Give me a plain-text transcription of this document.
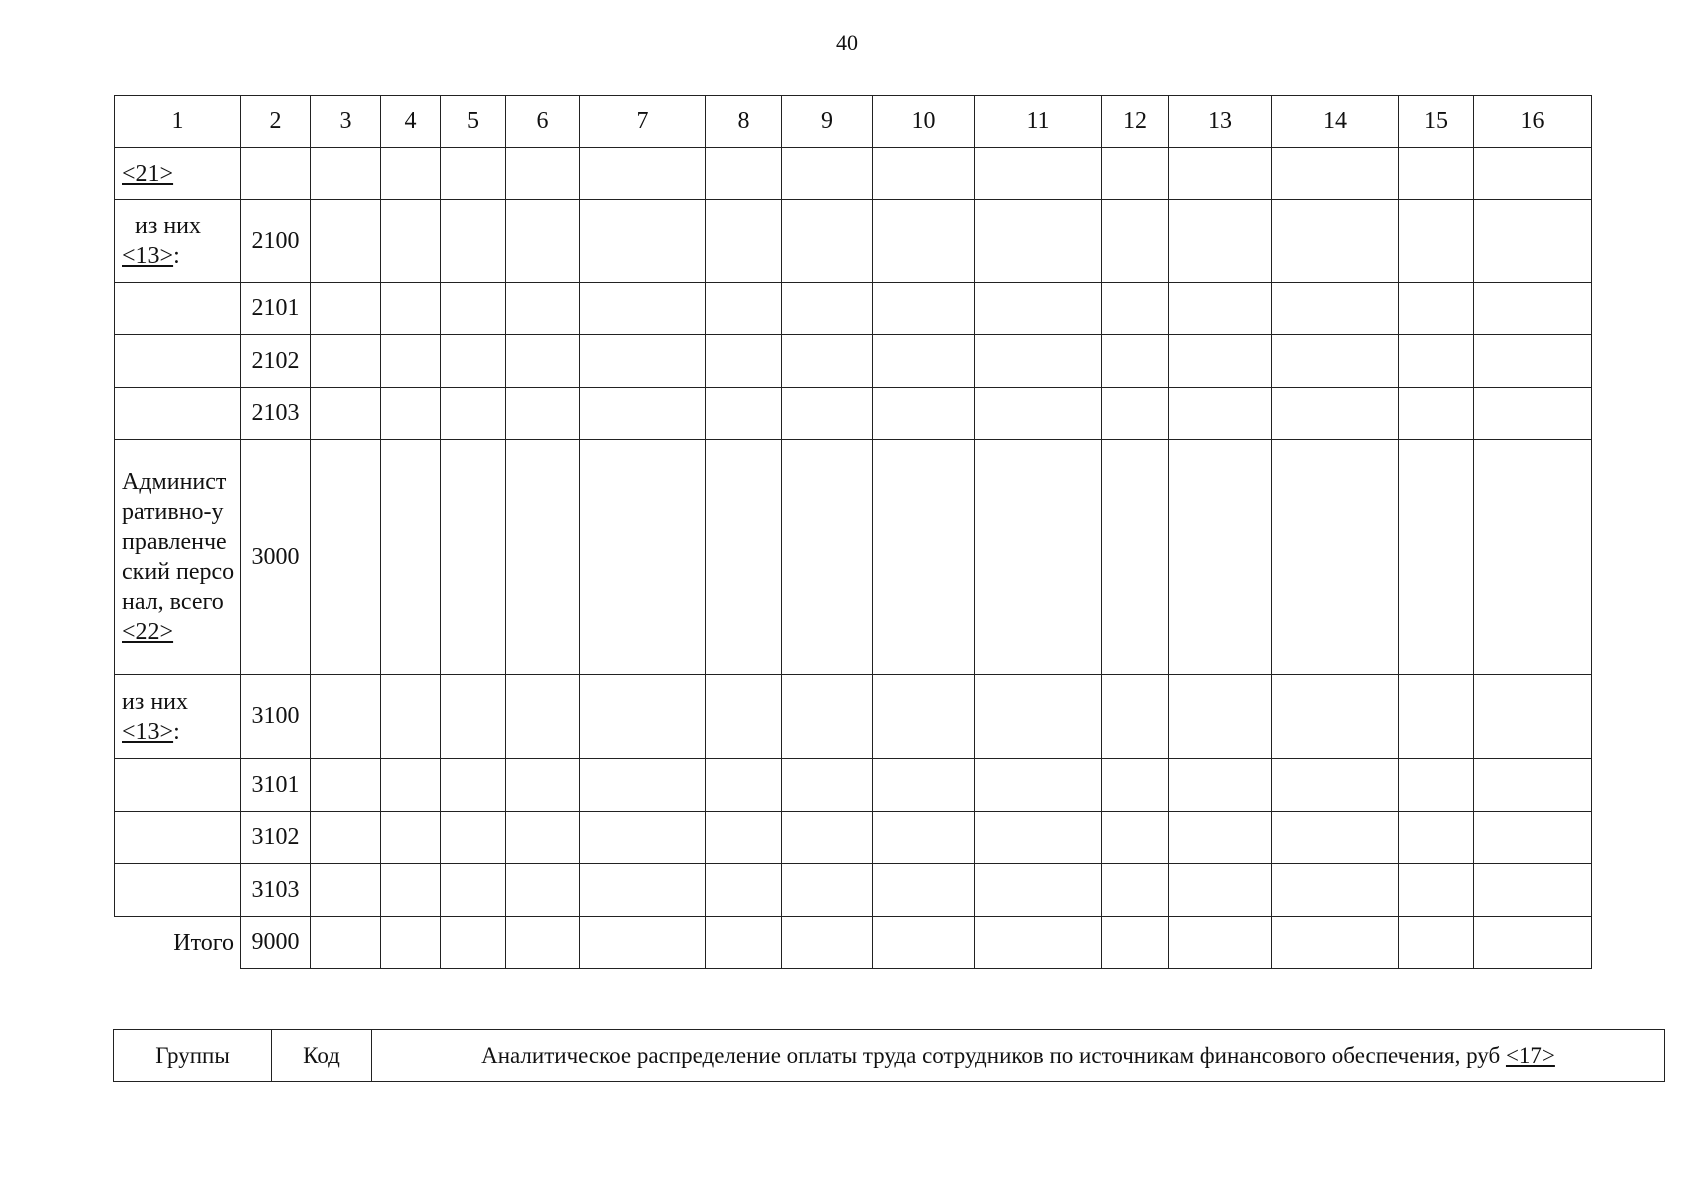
40
1	2	3	4	5	6	7	8	9	10	11	12	13	14	15	16
<21>															
из них
<13>:	2100														
	2101														
	2102														
	2103														
Административно-управленческий персонал, всего <22>	3000														
из них
<13>:	3100														
	3101														
	3102														
	3103														
Итого	9000														
Группы	Код	Аналитическое распределение оплаты труда сотрудников по источникам финансового обеспечения, руб <17>
